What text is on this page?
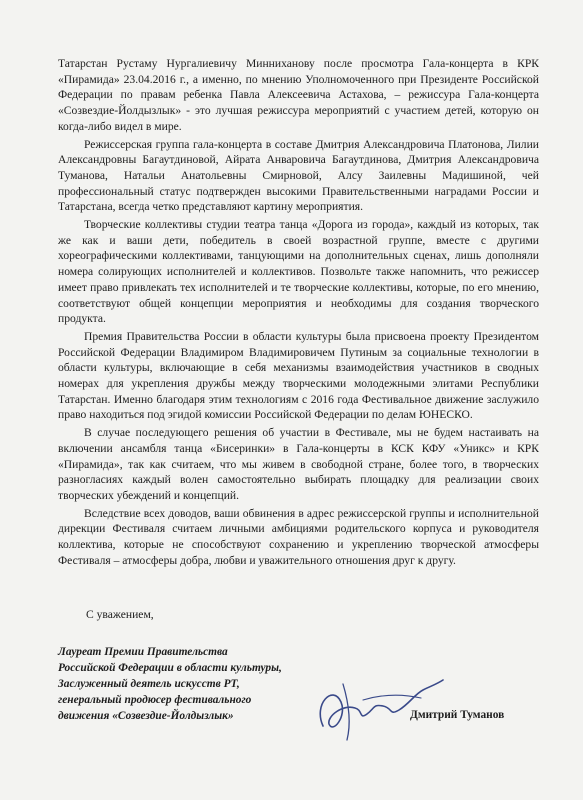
Татарстан Рустаму Нургалиевичу Минниханову после просмотра Гала-концерта в КРК «Пирамида» 23.04.2016 г., а именно, по мнению Уполномоченного при Президенте Российской Федерации по правам ребенка Павла Алексеевича Астахова, – режиссура Гала-концерта «Созвездие-Йолдызлык» - это лучшая режиссура мероприятий с участием детей, которую он когда-либо видел в мире.

Режиссерская группа гала-концерта в составе Дмитрия Александровича Платонова, Лилии Александровны Багаутдиновой, Айрата Анваровича Багаутдинова, Дмитрия Александровича Туманова, Натальи Анатольевны Смирновой, Алсу Заилевны Мадишиной, чей профессиональный статус подтвержден высокими Правительственными наградами России и Татарстана, всегда четко представляют картину мероприятия.

Творческие коллективы студии театра танца «Дорога из города», каждый из которых, так же как и ваши дети, победитель в своей возрастной группе, вместе с другими хореографическими коллективами, танцующими на дополнительных сценах, лишь дополняли номера солирующих исполнителей и коллективов. Позвольте также напомнить, что режиссер имеет право привлекать тех исполнителей и те творческие коллективы, которые, по его мнению, соответствуют общей концепции мероприятия и необходимы для создания творческого продукта.

Премия Правительства России в области культуры была присвоена проекту Президентом Российской Федерации Владимиром Владимировичем Путиным за социальные технологии в области культуры, включающие в себя механизмы взаимодействия участников в сводных номерах для укрепления дружбы между творческими молодежными элитами Республики Татарстан. Именно благодаря этим технологиям с 2016 года Фестивальное движение заслужило право находиться под эгидой комиссии Российской Федерации по делам ЮНЕСКО.

В случае последующего решения об участии в Фестивале, мы не будем настаивать на включении ансамбля танца «Бисеринки» в Гала-концерты в КСК КФУ «Уникс» и КРК «Пирамида», так как считаем, что мы живем в свободной стране, более того, в творческих разногласиях каждый волен самостоятельно выбирать площадку для реализации своих творческих убеждений и концепций.

Вследствие всех доводов, ваши обвинения в адрес режиссерской группы и исполнительной дирекции Фестиваля считаем личными амбициями родительского корпуса и руководителя коллектива, которые не способствуют сохранению и укреплению творческой атмосферы Фестиваля – атмосферы добра, любви и уважительного отношения друг к другу.

С уважением,
Лауреат Премии Правительства
Российской Федерации в области культуры,
Заслуженный деятель искусств РТ,
генеральный продюсер фестивального
движения «Созвездие-Йолдызлык»	Дмитрий Туманов
